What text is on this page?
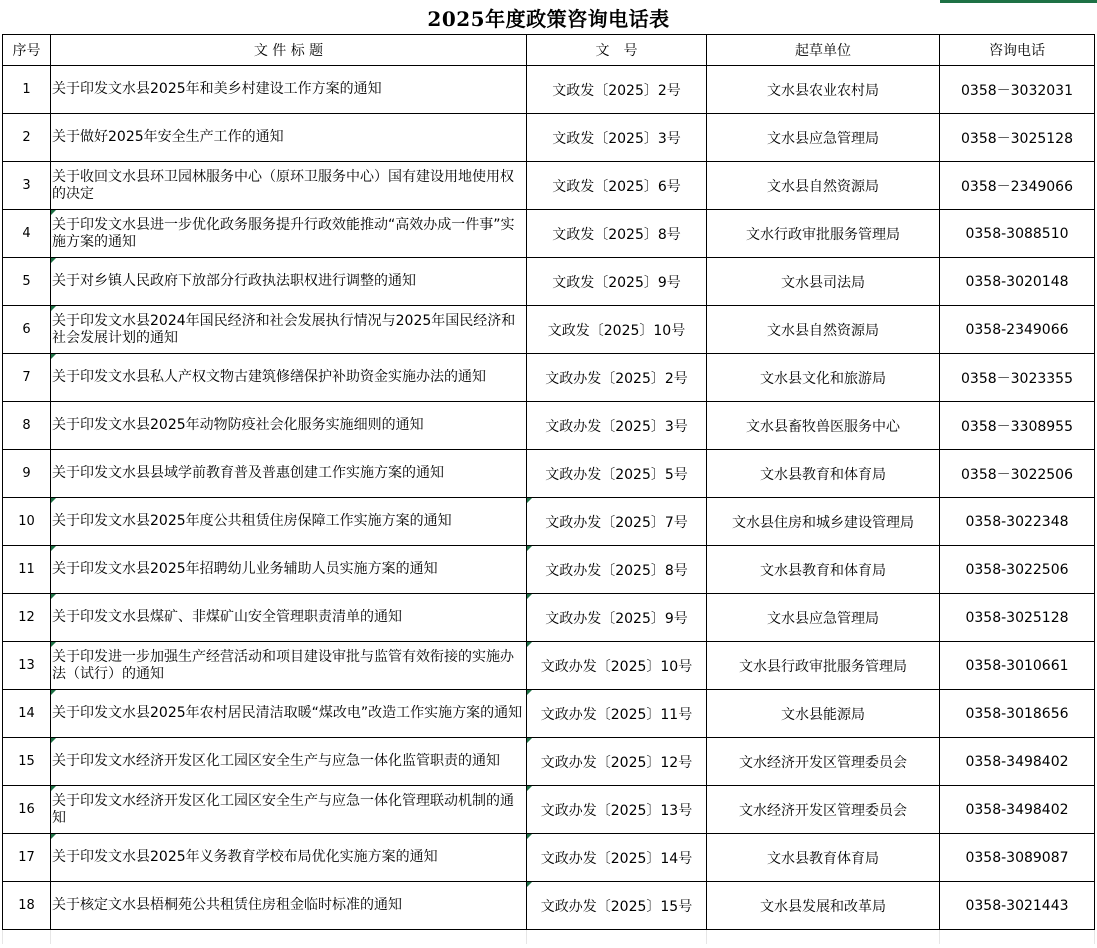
2025年度政策咨询电话表
序号	文 件 标 题	文　号	起草单位	咨询电话
1	关于印发文水县2025年和美乡村建设工作方案的通知	文政发〔2025〕2号	文水县农业农村局	0358－3032031
2	关于做好2025年安全生产工作的通知	文政发〔2025〕3号	文水县应急管理局	0358－3025128
3	关于收回文水县环卫园林服务中心（原环卫服务中心）国有建设用地使用权的决定	文政发〔2025〕6号	文水县自然资源局	0358－2349066
4	关于印发文水县进一步优化政务服务提升行政效能推动“高效办成一件事”实施方案的通知	文政发〔2025〕8号	文水行政审批服务管理局	0358-3088510
5	关于对乡镇人民政府下放部分行政执法职权进行调整的通知	文政发〔2025〕9号	文水县司法局	0358-3020148
6	关于印发文水县2024年国民经济和社会发展执行情况与2025年国民经济和社会发展计划的通知	文政发〔2025〕10号	文水县自然资源局	0358-2349066
7	关于印发文水县私人产权文物古建筑修缮保护补助资金实施办法的通知	文政办发〔2025〕2号	文水县文化和旅游局	0358－3023355
8	关于印发文水县2025年动物防疫社会化服务实施细则的通知	文政办发〔2025〕3号	文水县畜牧兽医服务中心	0358－3308955
9	关于印发文水县县域学前教育普及普惠创建工作实施方案的通知	文政办发〔2025〕5号	文水县教育和体育局	0358－3022506
10	关于印发文水县2025年度公共租赁住房保障工作实施方案的通知	文政办发〔2025〕7号	文水县住房和城乡建设管理局	0358-3022348
11	关于印发文水县2025年招聘幼儿业务辅助人员实施方案的通知	文政办发〔2025〕8号	文水县教育和体育局	0358-3022506
12	关于印发文水县煤矿、非煤矿山安全管理职责清单的通知	文政办发〔2025〕9号	文水县应急管理局	0358-3025128
13	关于印发进一步加强生产经营活动和项目建设审批与监管有效衔接的实施办法（试行）的通知	文政办发〔2025〕10号	文水县行政审批服务管理局	0358-3010661
14	关于印发文水县2025年农村居民清洁取暖“煤改电”改造工作实施方案的通知	文政办发〔2025〕11号	文水县能源局	0358-3018656
15	关于印发文水经济开发区化工园区安全生产与应急一体化监管职责的通知	文政办发〔2025〕12号	文水经济开发区管理委员会	0358-3498402
16	关于印发文水经济开发区化工园区安全生产与应急一体化管理联动机制的通知	文政办发〔2025〕13号	文水经济开发区管理委员会	0358-3498402
17	关于印发文水县2025年义务教育学校布局优化实施方案的通知	文政办发〔2025〕14号	文水县教育体育局	0358-3089087
18	关于核定文水县梧桐苑公共租赁住房租金临时标准的通知	文政办发〔2025〕15号	文水县发展和改革局	0358-3021443
